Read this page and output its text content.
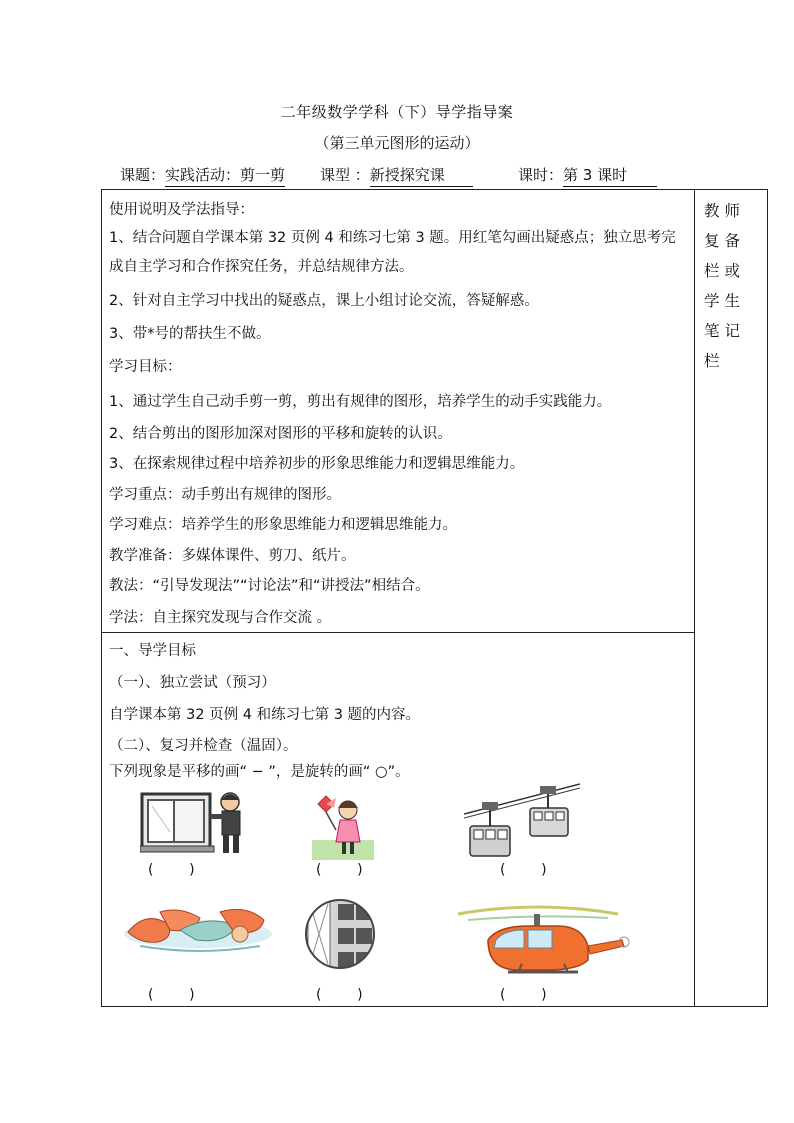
二年级数学学科（下）导学指导案
（第三单元图形的运动）
课题：实践活动：剪一剪 课型 ：新授探究课	课时：第 3 课时
教师复备栏或学生笔记 栏
使用说明及学法指导：
1、结合问题自学课本第 32 页例 4 和练习七第 3 题。用红笔勾画出疑惑点；独立思考完成自主学习和合作探究任务，并总结规律方法。
2、针对自主学习中找出的疑惑点，课上小组讨论交流，答疑解惑。
3、带*号的帮扶生不做。
学习目标：
1、通过学生自己动手剪一剪，剪出有规律的图形，培养学生的动手实践能力。
2、结合剪出的图形加深对图形的平移和旋转的认识。
3、在探索规律过程中培养初步的形象思维能力和逻辑思维能力。
学习重点：动手剪出有规律的图形。
学习难点：培养学生的形象思维能力和逻辑思维能力。
教学准备：多媒体课件、剪刀、纸片。
教法：“引导发现法”“讨论法”和“讲授法”相结合。
学法：自主探究发现与合作交流 。
一、导学目标
（一）、独立尝试（预习）
自学课本第 32 页例 4 和练习七第 3 题的内容。
（二）、复习并检查（温固）。
下列现象是平移的画“ − ”，是旋转的画“ ○”。
(        )	(        )	(        )
(        )	(        )	(        )
